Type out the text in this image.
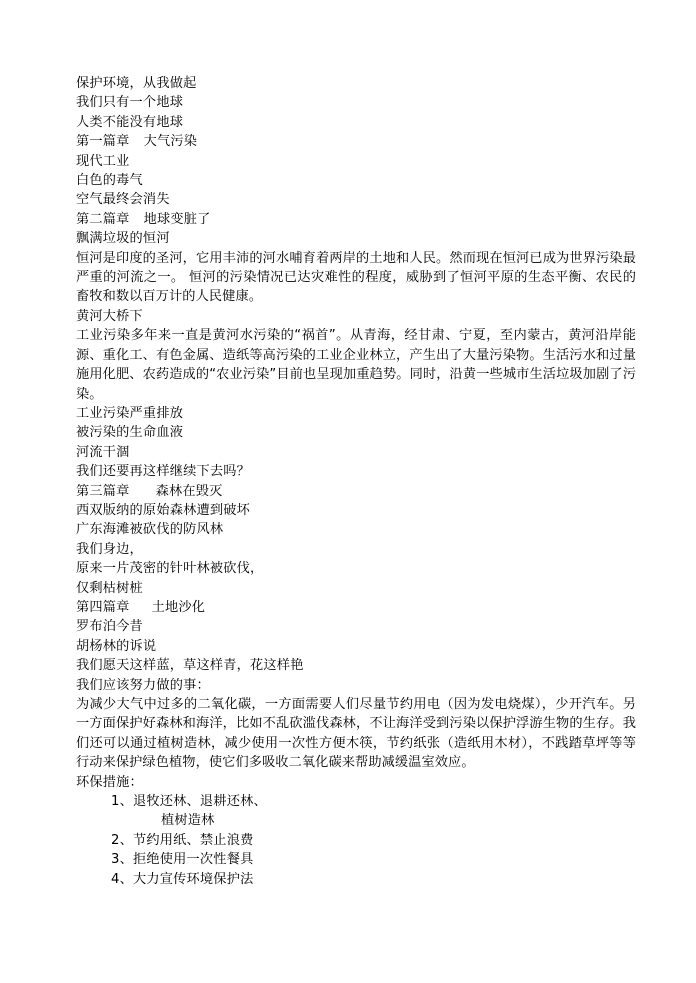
保护环境，从我做起
我们只有一个地球
人类不能没有地球
第一篇章 大气污染
现代工业
白色的毒气
空气最终会消失
第二篇章 地球变脏了
飘满垃圾的恒河
恒河是印度的圣河，它用丰沛的河水哺育着两岸的土地和人民。然而现在恒河已成为世界污染最严重的河流之一。 恒河的污染情况已达灾难性的程度，威胁到了恒河平原的生态平衡、农民的畜牧和数以百万计的人民健康。
黄河大桥下
工业污染多年来一直是黄河水污染的“祸首”。从青海，经甘肃、宁夏，至内蒙古，黄河沿岸能源、重化工、有色金属、造纸等高污染的工业企业林立，产生出了大量污染物。生活污水和过量施用化肥、农药造成的“农业污染”目前也呈现加重趋势。同时，沿黄一些城市生活垃圾加剧了污染。
工业污染严重排放
被污染的生命血液
河流干涸
我们还要再这样继续下去吗？
第三篇章 森林在毁灭
西双版纳的原始森林遭到破坏
广东海滩被砍伐的防风林
我们身边，
原来一片茂密的针叶林被砍伐，
仅剩枯树桩
第四篇章 土地沙化
罗布泊今昔
胡杨林的诉说
我们愿天这样蓝，草这样青，花这样艳
我们应该努力做的事：
为减少大气中过多的二氧化碳，一方面需要人们尽量节约用电（因为发电烧煤），少开汽车。另一方面保护好森林和海洋，比如不乱砍滥伐森林，不让海洋受到污染以保护浮游生物的生存。我们还可以通过植树造林，减少使用一次性方便木筷，节约纸张（造纸用木材），不践踏草坪等等行动来保护绿色植物，使它们多吸收二氧化碳来帮助减缓温室效应。
环保措施：
1、退牧还林、退耕还林、
植树造林
2、节约用纸、禁止浪费
3、拒绝使用一次性餐具
4、大力宣传环境保护法
